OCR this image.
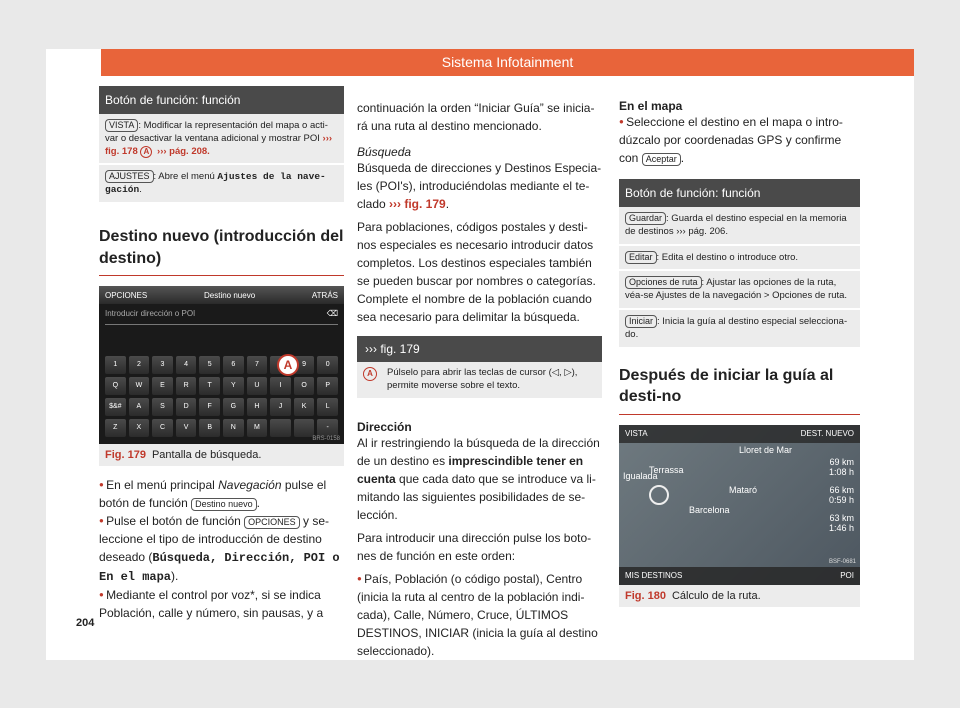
Sistema Infotainment
Botón de función: función
VISTA : Modificar la representación del mapa o acti-var o desactivar la ventana adicional y mostrar POI ››› fig. 178 A ››› pág. 208.
AJUSTES : Abre el menú Ajustes de la nave-gación.
Destino nuevo (introducción del destino)
OPCIONES	Destino nuevo	ATRÁS
Introducir dirección o POI	⌫
1	2	3	4	5	6	7	9	0
Q	W	E	R	T	Y	U	I	O	P
$&#	A	S	D	F	G	H	J	K	L
Z	X	C	V	B	N	M	-
A
BRS-0158
Fig. 179 Pantalla de búsqueda.

● En el menú principal Navegación pulse el botón de función Destino nuevo .

● Pulse el botón de función OPCIONES y se-leccione el tipo de introducción de destino deseado (Búsqueda, Dirección, POI o En el mapa).

● Mediante el control por voz*, si se indica Población, calle y número, sin pausas, y a

continuación la orden “Iniciar Guía” se inicia-rá una ruta al destino mencionado.

Búsqueda

Búsqueda de direcciones y Destinos Especia-les (POI's), introduciéndolas mediante el te-clado ››› fig. 179.

Para poblaciones, códigos postales y desti-nos especiales es necesario introducir datos completos. Los destinos especiales también se pueden buscar por nombres o categorías. Complete el nombre de la población cuando sea necesario para delimitar la búsqueda.

››› fig. 179
A	Púlselo para abrir las teclas de cursor (◁, ▷), permite moverse sobre el texto.
Dirección

Al ir restringiendo la búsqueda de la dirección de un destino es imprescindible tener en cuenta que cada dato que se introduce va li-mitando las siguientes posibilidades de se-lección.

Para introducir una dirección pulse los boto-nes de función en este orden:

● País, Población (o código postal), Centro (inicia la ruta al centro de la población indi-cada), Calle, Número, Cruce, ÚLTIMOS DESTINOS, INICIAR (inicia la guía al destino seleccionado).

En el mapa

● Seleccione el destino en el mapa o intro-dúzcalo por coordenadas GPS y confirme con Aceptar .

Botón de función: función
Guardar : Guarda el destino especial en la memoria de destinos ››› pág. 206.
Editar : Edita el destino o introduce otro.
Opciones de ruta : Ajustar las opciones de la ruta, véa-se Ajustes de la navegación > Opciones de ruta.
Iniciar : Inicia la guía al destino especial selecciona-do.
Después de iniciar la guía al desti-no
VISTA	DEST. NUEVO
Lloret de Mar
Terrassa
Mataró
Barcelona
Igualada
69 km
1:08 h
66 km
0:59 h
63 km
1:46 h
MIS DESTINOS	POI
BSF-0681
Fig. 180 Cálculo de la ruta.
204
